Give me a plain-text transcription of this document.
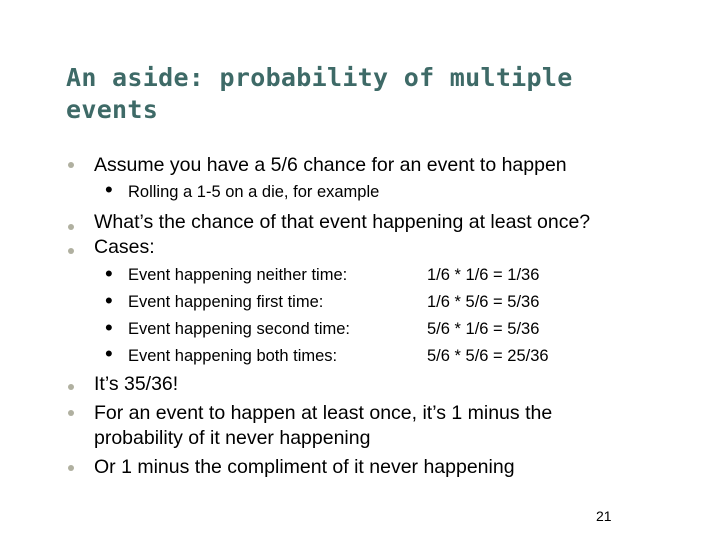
An aside: probability of multiple
events
Assume you have a 5/6 chance for an event to happen
• Rolling a 1-5 on a die, for example
What’s the chance of that event happening at least once?
Cases:
• Event happening neither time:	1/6 * 1/6 = 1/36
• Event happening first time:	1/6 * 5/6 = 5/36
• Event happening second time:	5/6 * 1/6 = 5/36
• Event happening both times:	5/6 * 5/6 = 25/36
It’s 35/36!
For an event to happen at least once, it’s 1 minus the
probability of it never happening
Or 1 minus the compliment of it never happening
21
